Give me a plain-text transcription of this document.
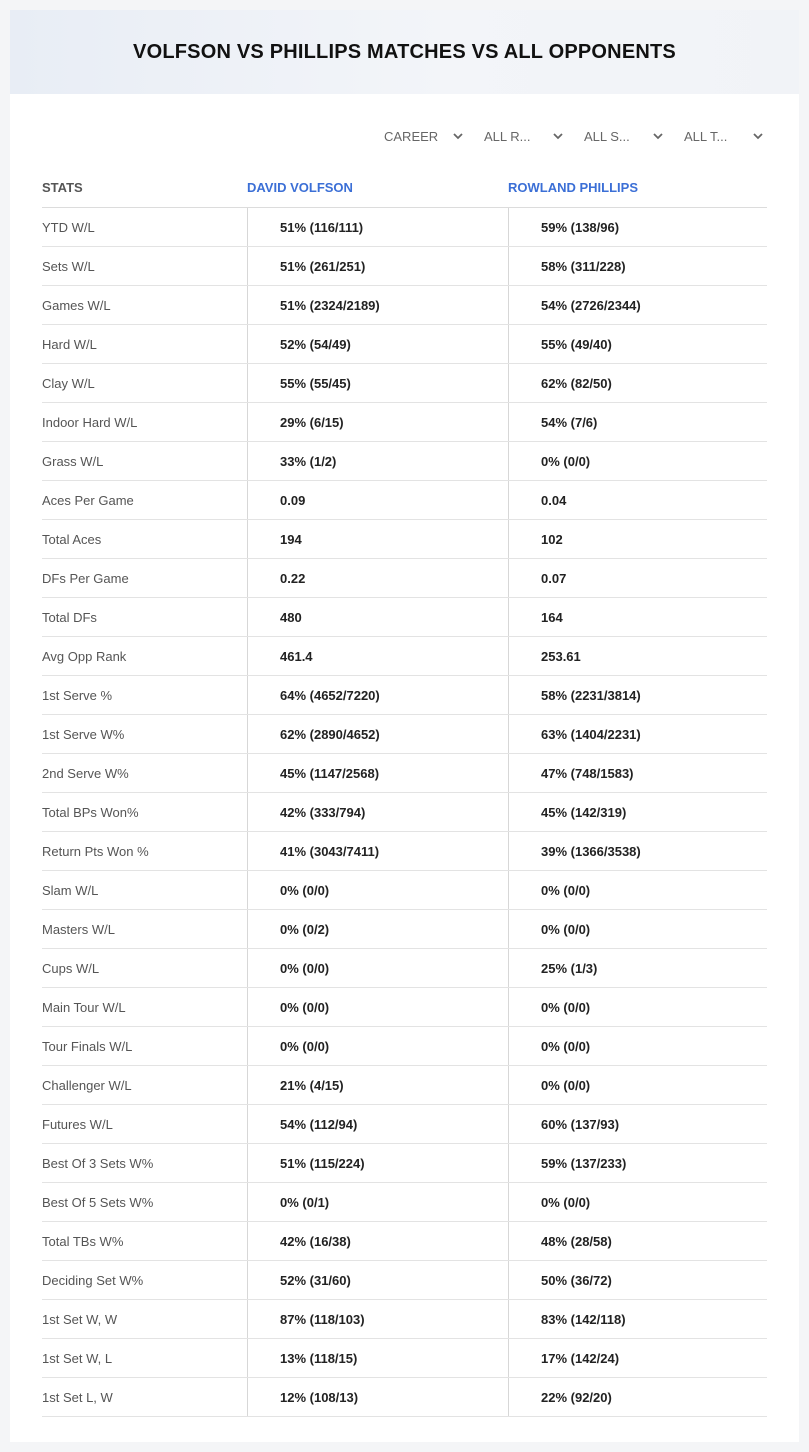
VOLFSON VS PHILLIPS MATCHES VS ALL OPPONENTS
CAREER	ALL R...	ALL S...	ALL T...
STATS	DAVID VOLFSON	ROWLAND PHILLIPS
YTD W/L	51% (116/111)	59% (138/96)
Sets W/L	51% (261/251)	58% (311/228)
Games W/L	51% (2324/2189)	54% (2726/2344)
Hard W/L	52% (54/49)	55% (49/40)
Clay W/L	55% (55/45)	62% (82/50)
Indoor Hard W/L	29% (6/15)	54% (7/6)
Grass W/L	33% (1/2)	0% (0/0)
Aces Per Game	0.09	0.04
Total Aces	194	102
DFs Per Game	0.22	0.07
Total DFs	480	164
Avg Opp Rank	461.4	253.61
1st Serve %	64% (4652/7220)	58% (2231/3814)
1st Serve W%	62% (2890/4652)	63% (1404/2231)
2nd Serve W%	45% (1147/2568)	47% (748/1583)
Total BPs Won%	42% (333/794)	45% (142/319)
Return Pts Won %	41% (3043/7411)	39% (1366/3538)
Slam W/L	0% (0/0)	0% (0/0)
Masters W/L	0% (0/2)	0% (0/0)
Cups W/L	0% (0/0)	25% (1/3)
Main Tour W/L	0% (0/0)	0% (0/0)
Tour Finals W/L	0% (0/0)	0% (0/0)
Challenger W/L	21% (4/15)	0% (0/0)
Futures W/L	54% (112/94)	60% (137/93)
Best Of 3 Sets W%	51% (115/224)	59% (137/233)
Best Of 5 Sets W%	0% (0/1)	0% (0/0)
Total TBs W%	42% (16/38)	48% (28/58)
Deciding Set W%	52% (31/60)	50% (36/72)
1st Set W, W	87% (118/103)	83% (142/118)
1st Set W, L	13% (118/15)	17% (142/24)
1st Set L, W	12% (108/13)	22% (92/20)
